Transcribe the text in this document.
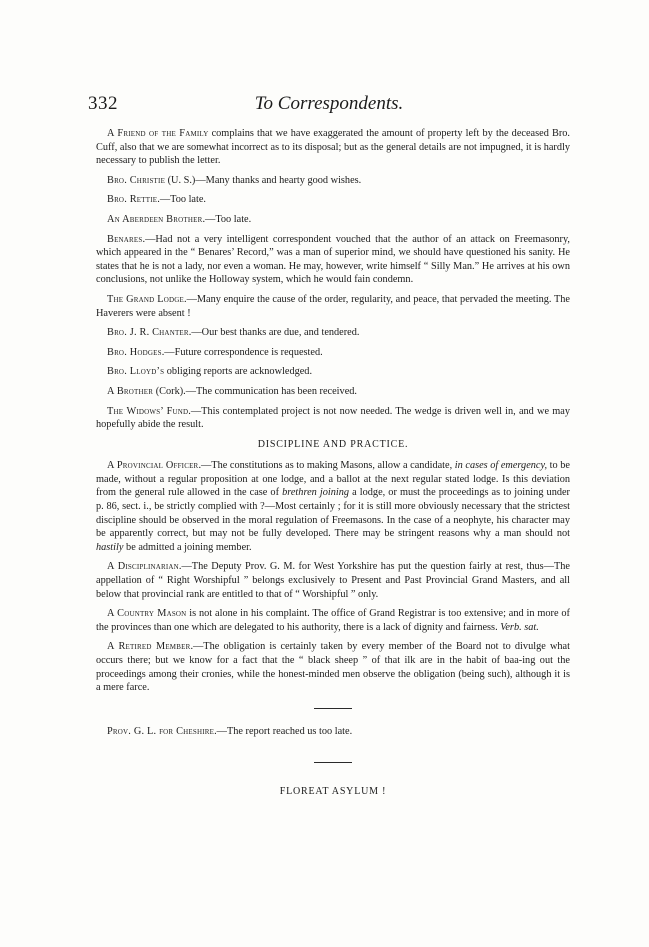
332	To Correspondents.

A Friend of the Family complains that we have exaggerated the amount of property left by the deceased Bro. Cuff, also that we are somewhat incorrect as to its disposal; but as the general details are not impugned, it is hardly necessary to publish the letter.

Bro. Christie (U. S.)—Many thanks and hearty good wishes.

Bro. Rettie.—Too late.

An Aberdeen Brother.—Too late.

Benares.—Had not a very intelligent correspondent vouched that the author of an attack on Freemasonry, which appeared in the “ Benares’ Record,” was a man of superior mind, we should have questioned his sanity. He states that he is not a lady, nor even a woman. He may, however, write himself “ Silly Man.” He arrives at his own conclusions, not unlike the Holloway system, which he would fain condemn.

The Grand Lodge.—Many enquire the cause of the order, regularity, and peace, that pervaded the meeting. The Haverers were absent !

Bro. J. R. Chanter.—Our best thanks are due, and tendered.

Bro. Hodges.—Future correspondence is requested.

Bro. Lloyd’s obliging reports are acknowledged.

A Brother (Cork).—The communication has been received.

The Widows’ Fund.—This contemplated project is not now needed. The wedge is driven well in, and we may hopefully abide the result.

DISCIPLINE AND PRACTICE.

A Provincial Officer.—The constitutions as to making Masons, allow a candidate, in cases of emergency, to be made, without a regular proposition at one lodge, and a ballot at the next regular stated lodge. Is this deviation from the general rule allowed in the case of brethren joining a lodge, or must the proceedings as to joining under p. 86, sect. i., be strictly complied with ?—Most certainly ; for it is still more obviously necessary that the strictest discipline should be observed in the moral regulation of Freemasons. In the case of a neophyte, his character may be apparently correct, but may not be fully developed. There may be stringent reasons why a man should not hastily be admitted a joining member.

A Disciplinarian.—The Deputy Prov. G. M. for West Yorkshire has put the question fairly at rest, thus—The appellation of “ Right Worshipful ” belongs exclusively to Present and Past Provincial Grand Masters, and all below that provincial rank are entitled to that of “ Worshipful ” only.

A Country Mason is not alone in his complaint. The office of Grand Registrar is too extensive; and in more of the provinces than one which are delegated to his authority, there is a lack of dignity and fairness. Verb. sat.

A Retired Member.—The obligation is certainly taken by every member of the Board not to divulge what occurs there; but we know for a fact that the “ black sheep ” of that ilk are in the habit of baa-ing out the proceedings among their cronies, while the honest-minded men observe the obligation (being such), although it is a mere farce.

Prov. G. L. for Cheshire.—The report reached us too late.

FLOREAT ASYLUM !
